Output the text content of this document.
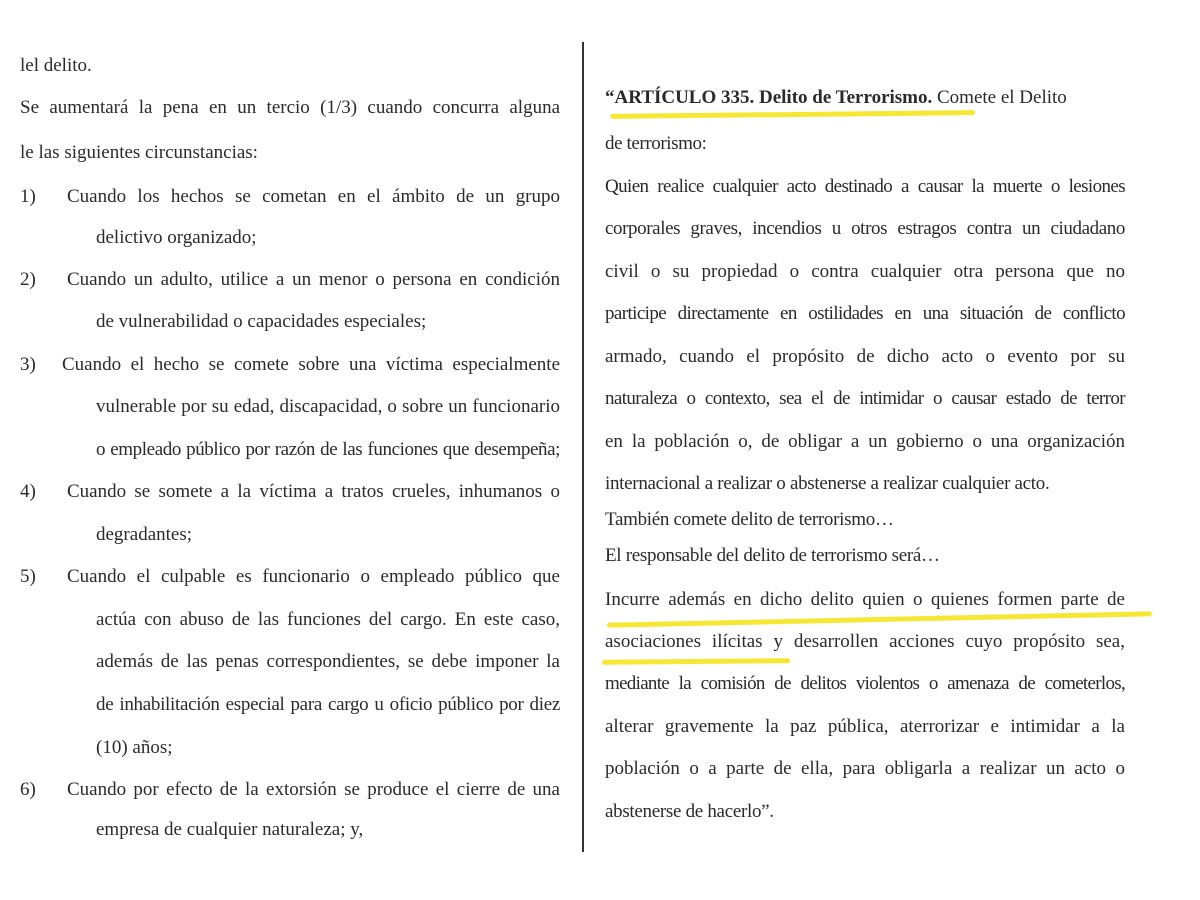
lel delito.
Se aumentará la pena en un tercio (1/3) cuando concurra alguna
le las siguientes circunstancias:
1) Cuando los hechos se cometan en el ámbito de un grupo
delictivo organizado;
2) Cuando un adulto, utilice a un menor o persona en condición
de vulnerabilidad o capacidades especiales;
3) Cuando el hecho se comete sobre una víctima especialmente
vulnerable por su edad, discapacidad, o sobre un funcionario
o empleado público por razón de las funciones que desempeña;
4) Cuando se somete a la víctima a tratos crueles, inhumanos o
degradantes;
5) Cuando el culpable es funcionario o empleado público que
actúa con abuso de las funciones del cargo. En este caso,
además de las penas correspondientes, se debe imponer la
de inhabilitación especial para cargo u oficio público por diez
(10) años;
6) Cuando por efecto de la extorsión se produce el cierre de una
empresa de cualquier naturaleza; y,
“ARTÍCULO 335. Delito de Terrorismo. Comete el Delito
de terrorismo:
Quien realice cualquier acto destinado a causar la muerte o lesiones
corporales graves, incendios u otros estragos contra un ciudadano
civil o su propiedad o contra cualquier otra persona que no
participe directamente en ostilidades en una situación de conflicto
armado, cuando el propósito de dicho acto o evento por su
naturaleza o contexto, sea el de intimidar o causar estado de terror
en la población o, de obligar a un gobierno o una organización
internacional a realizar o abstenerse a realizar cualquier acto.
También comete delito de terrorismo…
El responsable del delito de terrorismo será…
Incurre además en dicho delito quien o quienes formen parte de
asociaciones ilícitas y desarrollen acciones cuyo propósito sea,
mediante la comisión de delitos violentos o amenaza de cometerlos,
alterar gravemente la paz pública, aterrorizar e intimidar a la
población o a parte de ella, para obligarla a realizar un acto o
abstenerse de hacerlo”.
